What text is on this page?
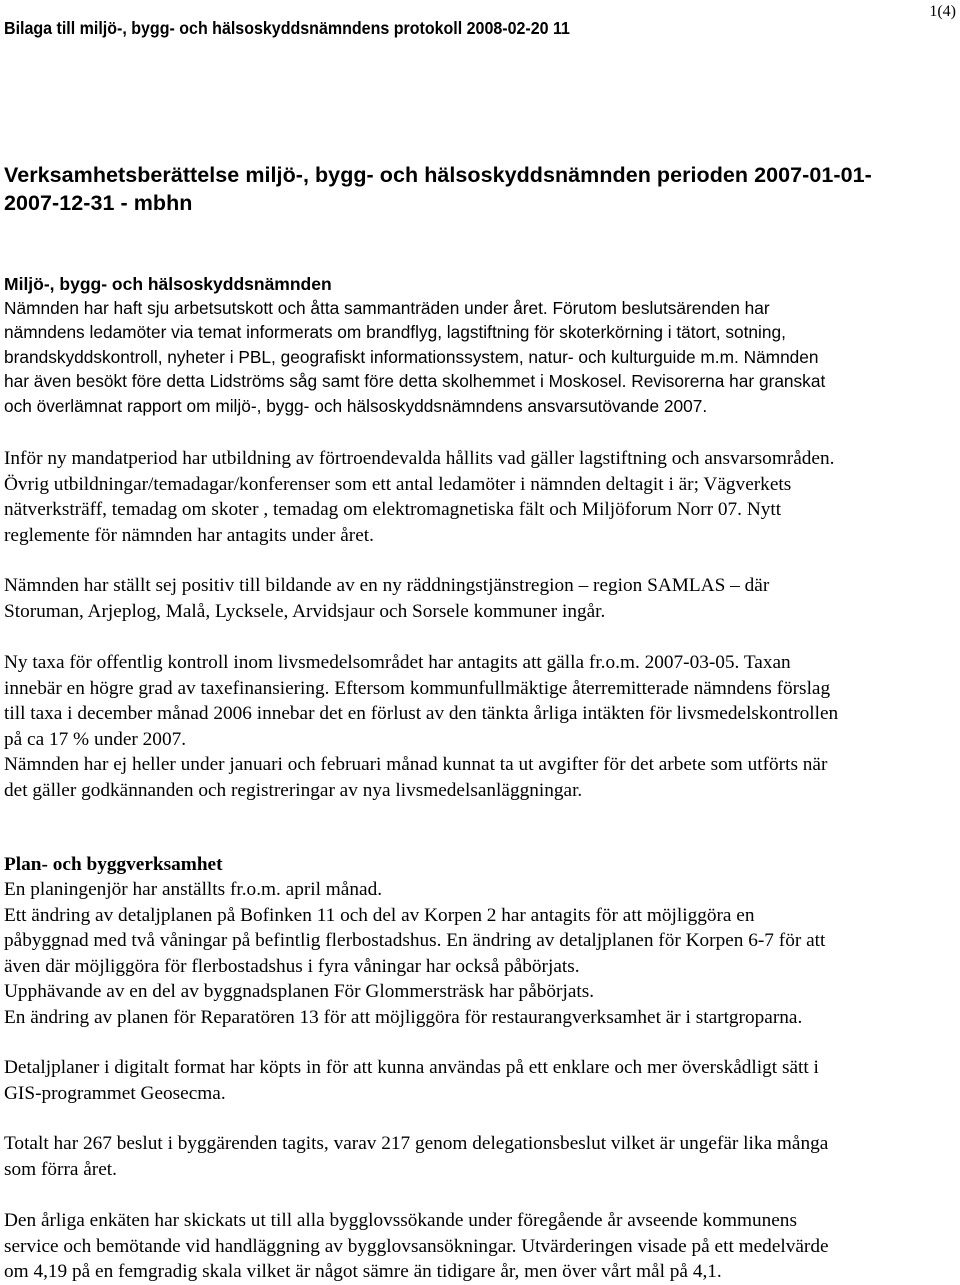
Bilaga till miljö-, bygg- och hälsoskyddsnämndens protokoll 2008-02-20 11
1(4)
Verksamhetsberättelse miljö-, bygg- och hälsoskyddsnämnden perioden 2007-01-01-
2007-12-31 - mbhn
Miljö-, bygg- och hälsoskyddsnämnden
Nämnden har haft sju arbetsutskott och åtta sammanträden under året. Förutom beslutsärenden har
nämndens ledamöter via temat informerats om brandflyg, lagstiftning för skoterkörning i tätort, sotning,
brandskyddskontroll, nyheter i PBL, geografiskt informationssystem, natur- och kulturguide m.m. Nämnden
har även besökt före detta Lidströms såg samt före detta skolhemmet i Moskosel. Revisorerna har granskat
och överlämnat rapport om miljö-, bygg- och hälsoskyddsnämndens ansvarsutövande 2007.
Inför ny mandatperiod har utbildning av förtroendevalda hållits vad gäller lagstiftning och ansvarsområden.
Övrig utbildningar/temadagar/konferenser som ett antal ledamöter i nämnden deltagit i är; Vägverkets
nätverksträff, temadag om skoter , temadag om elektromagnetiska fält och Miljöforum Norr 07. Nytt
reglemente för nämnden har antagits under året.
Nämnden har ställt sej positiv till bildande av en ny räddningstjänstregion – region SAMLAS – där
Storuman, Arjeplog, Malå, Lycksele, Arvidsjaur och Sorsele kommuner ingår.
Ny taxa för offentlig kontroll inom livsmedelsområdet har antagits att gälla fr.o.m. 2007-03-05. Taxan
innebär en högre grad av taxefinansiering. Eftersom kommunfullmäktige återremitterade nämndens förslag
till taxa i december månad 2006 innebar det en förlust av den tänkta årliga intäkten för livsmedelskontrollen
på ca 17 % under 2007.
Nämnden har ej heller under januari och februari månad kunnat ta ut avgifter för det arbete som utförts när
det gäller godkännanden och registreringar av nya livsmedelsanläggningar.
Plan- och byggverksamhet
En planingenjör har anställts fr.o.m. april månad.
Ett ändring av detaljplanen på Bofinken 11 och del av Korpen 2 har antagits för att möjliggöra en
påbyggnad med två våningar på befintlig flerbostadshus. En ändring av detaljplanen för Korpen 6-7 för att
även där möjliggöra för flerbostadshus i fyra våningar har också påbörjats.
Upphävande av en del av byggnadsplanen För Glommersträsk har påbörjats.
En ändring av planen för Reparatören 13 för att möjliggöra för restaurangverksamhet är i startgroparna.
Detaljplaner i digitalt format har köpts in för att kunna användas på ett enklare och mer överskådligt sätt i
GIS-programmet Geosecma.
Totalt har 267 beslut i byggärenden tagits, varav 217 genom delegationsbeslut vilket är ungefär lika många
som förra året.
Den årliga enkäten har skickats ut till alla bygglovssökande under föregående år avseende kommunens
service och bemötande vid handläggning av bygglovsansökningar. Utvärderingen visade på ett medelvärde
om 4,19 på en femgradig skala vilket är något sämre än tidigare år, men över vårt mål på 4,1.
